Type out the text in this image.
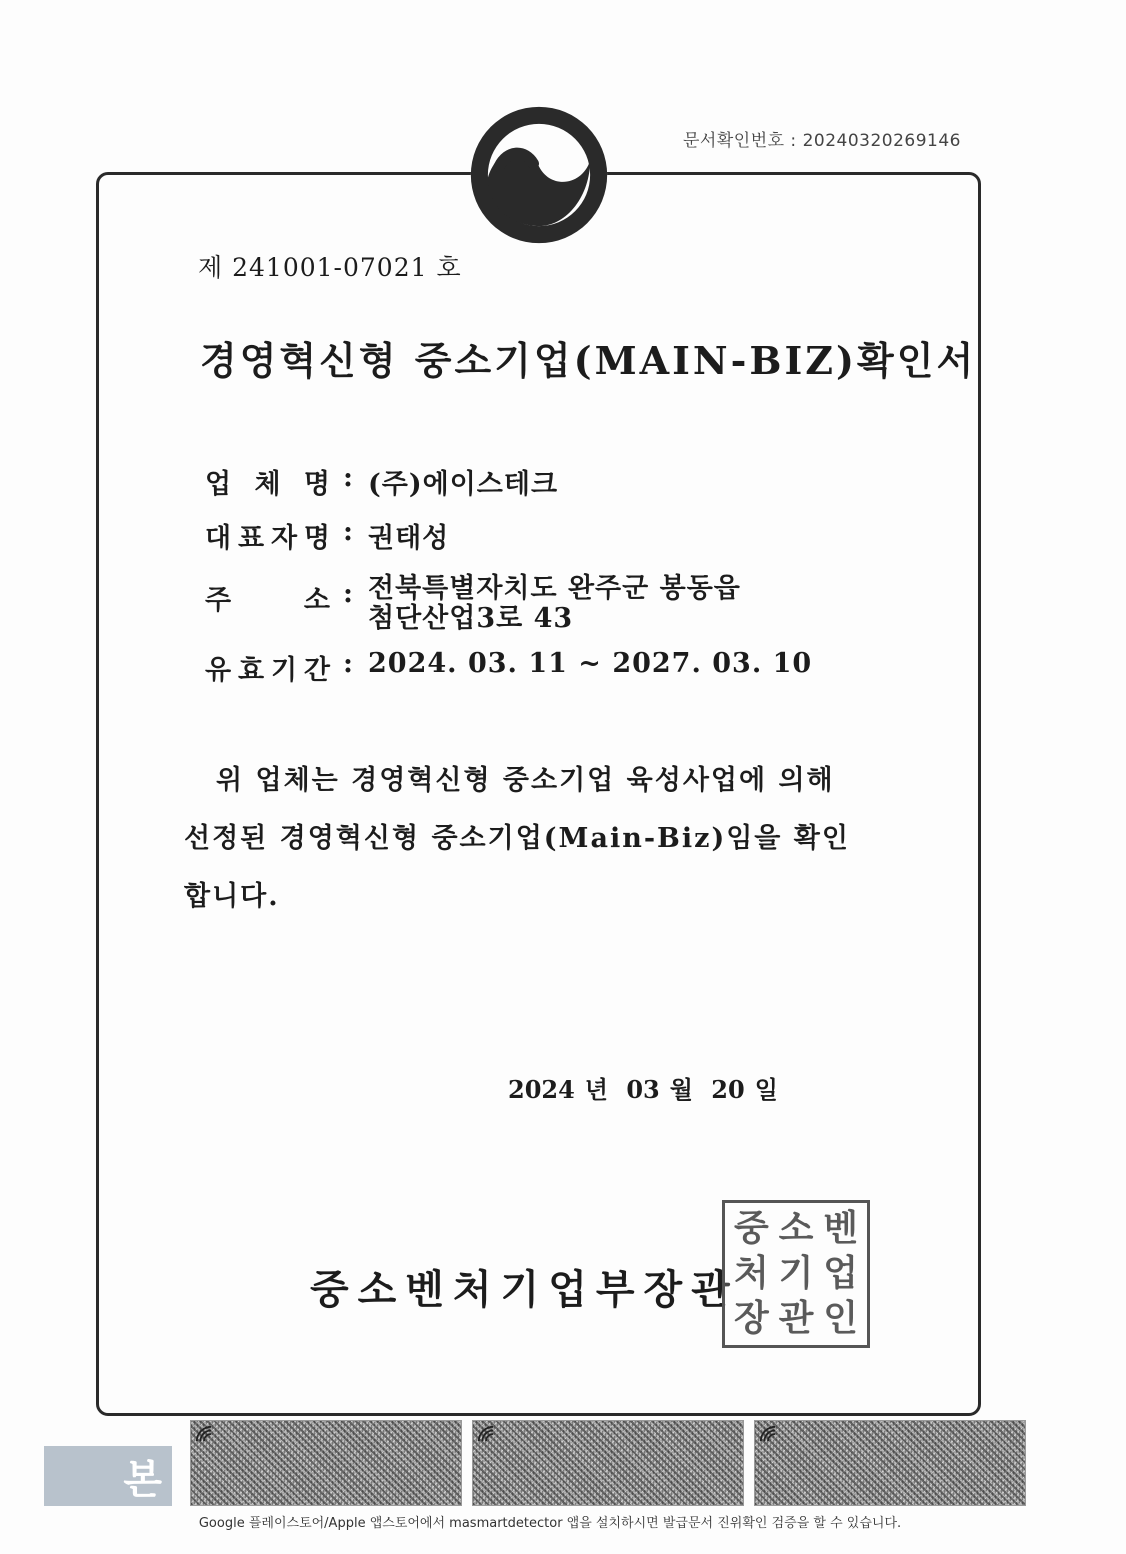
문서확인번호 : 20240320269146
제 241001-07021 호
경영혁신형 중소기업(MAIN-BIZ)확인서
업 체 명 : (주)에이스테크
대 표 자 명 : 권태성
주	소 : 전북특별자치도 완주군 봉동읍
첨단산업3로 43
유 효 기 간 : 2024. 03. 11 ~ 2027. 03. 10
위 업체는 경영혁신형 중소기업 육성사업에 의해
선정된 경영혁신형 중소기업(Main-Biz)임을 확인
합니다.
2024 년 03 월 20 일
중소벤처기업부장관
중 소 벤
처 기 업
장 관 인
본
Google 플레이스토어/Apple 앱스토어에서 masmartdetector 앱을 설치하시면 발급문서 진위확인 검증을 할 수 있습니다.
